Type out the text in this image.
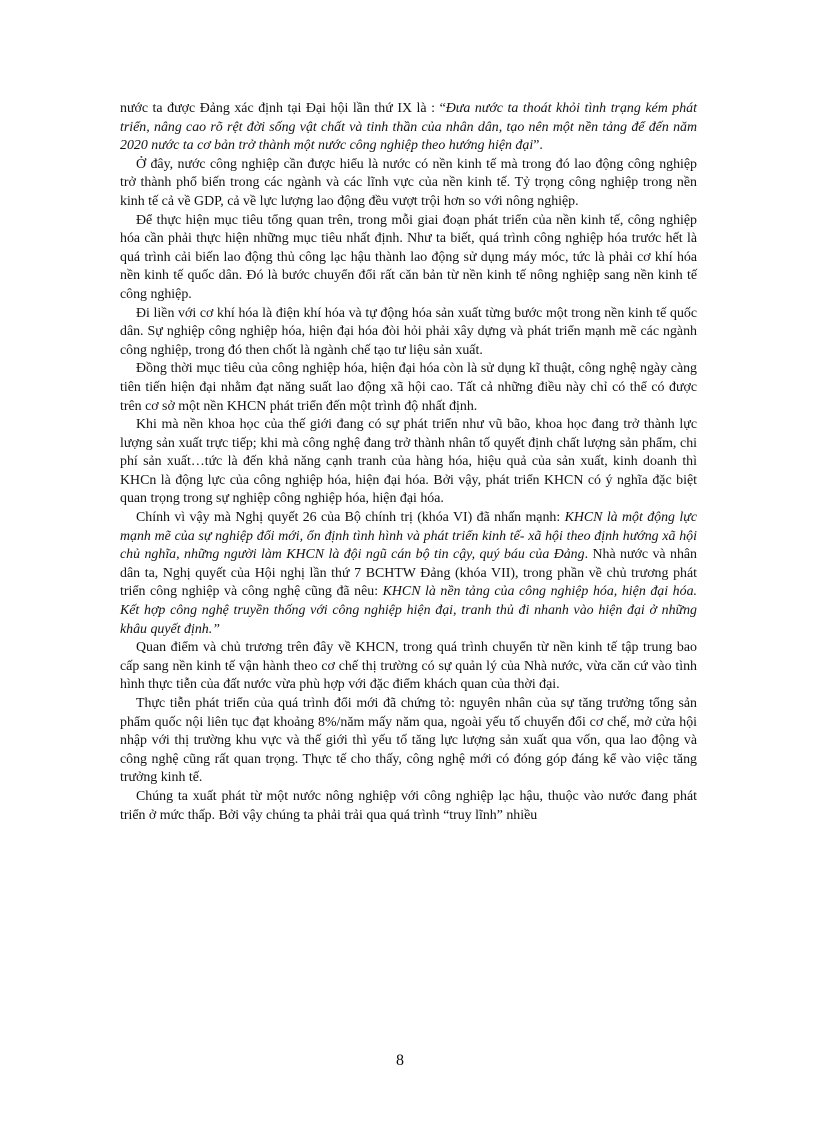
nước ta được Đảng xác định tại Đại hội lần thứ IX là : “Đưa nước ta thoát khỏi tình trạng kém phát triển, nâng cao rõ rệt đời sống vật chất và tinh thần của nhân dân, tạo nên một nền tảng để đến năm 2020 nước ta cơ bản trở thành một nước công nghiệp theo hướng hiện đại”.

Ở đây, nước công nghiệp cần được hiểu là nước có nền kinh tế mà trong đó lao động công nghiệp trở thành phổ biến trong các ngành và các lĩnh vực của nền kinh tế. Tỷ trọng công nghiệp trong nền kinh tế cả về GDP, cả về lực lượng lao động đều vượt trội hơn so với nông nghiệp.

Để thực hiện mục tiêu tổng quan trên, trong mỗi giai đoạn phát triển của nền kinh tế, công nghiệp hóa cần phải thực hiện những mục tiêu nhất định. Như ta biết, quá trình công nghiệp hóa trước hết là quá trình cải biến lao động thủ công lạc hậu thành lao động sử dụng máy móc, tức là phải cơ khí hóa nền kinh tế quốc dân. Đó là bước chuyển đổi rất căn bản từ nền kinh tế nông nghiệp sang nền kinh tế công nghiệp.

Đi liền với cơ khí hóa là điện khí hóa và tự động hóa sản xuất từng bước một trong nền kinh tế quốc dân. Sự nghiệp công nghiệp hóa, hiện đại hóa đòi hỏi phải xây dựng và phát triển mạnh mẽ các ngành công nghiệp, trong đó then chốt là ngành chế tạo tư liệu sản xuất.

Đồng thời mục tiêu của công nghiệp hóa, hiện đại hóa còn là sử dụng kĩ thuật, công nghệ ngày càng tiên tiến hiện đại nhằm đạt năng suất lao động xã hội cao. Tất cả những điều này chỉ có thể có được trên cơ sở một nền KHCN phát triển đến một trình độ nhất định.

Khi mà nền khoa học của thế giới đang có sự phát triển như vũ bão, khoa học đang trở thành lực lượng sản xuất trực tiếp; khi mà công nghệ đang trở thành nhân tố quyết định chất lượng sản phẩm, chi phí sản xuất…tức là đến khả năng cạnh tranh của hàng hóa, hiệu quả của sản xuất, kinh doanh thì KHCn là động lực của công nghiệp hóa, hiện đại hóa. Bởi vậy, phát triển KHCN có ý nghĩa đặc biệt quan trọng trong sự nghiệp công nghiệp hóa, hiện đại hóa.

Chính vì vậy mà Nghị quyết 26 của Bộ chính trị (khóa VI) đã nhấn mạnh: KHCN là một động lực mạnh mẽ của sự nghiệp đổi mới, ổn định tình hình và phát triển kinh tế- xã hội theo định hướng xã hội chủ nghĩa, những người làm KHCN là đội ngũ cán bộ tin cậy, quý báu của Đảng. Nhà nước và nhân dân ta, Nghị quyết của Hội nghị lần thứ 7 BCHTW Đảng (khóa VII), trong phần về chủ trương phát triển công nghiệp và công nghệ cũng đã nêu: KHCN là nền tảng của công nghiệp hóa, hiện đại hóa. Kết hợp công nghệ truyền thống với công nghiệp hiện đại, tranh thủ đi nhanh vào hiện đại ở những khâu quyết định.”

Quan điểm và chủ trương trên đây về KHCN, trong quá trình chuyển từ nền kinh tế tập trung bao cấp sang nền kinh tế vận hành theo cơ chế thị trường có sự quản lý của Nhà nước, vừa căn cứ vào tình hình thực tiễn của đất nước vừa phù hợp với đặc điểm khách quan của thời đại.

Thực tiễn phát triển của quá trình đổi mới đã chứng tỏ: nguyên nhân của sự tăng trưởng tổng sản phẩm quốc nội liên tục đạt khoảng 8%/năm mấy năm qua, ngoài yếu tố chuyển đổi cơ chế, mở cửa hội nhập với thị trường khu vực và thế giới thì yếu tố tăng lực lượng sản xuất qua vốn, qua lao động và công nghệ cũng rất quan trọng. Thực tế cho thấy, công nghệ mới có đóng góp đáng kể vào việc tăng trưởng kinh tế.

Chúng ta xuất phát từ một nước nông nghiệp với công nghiệp lạc hậu, thuộc vào nước đang phát triển ở mức thấp. Bởi vậy chúng ta phải trải qua quá trình “truy lĩnh” nhiều

8
